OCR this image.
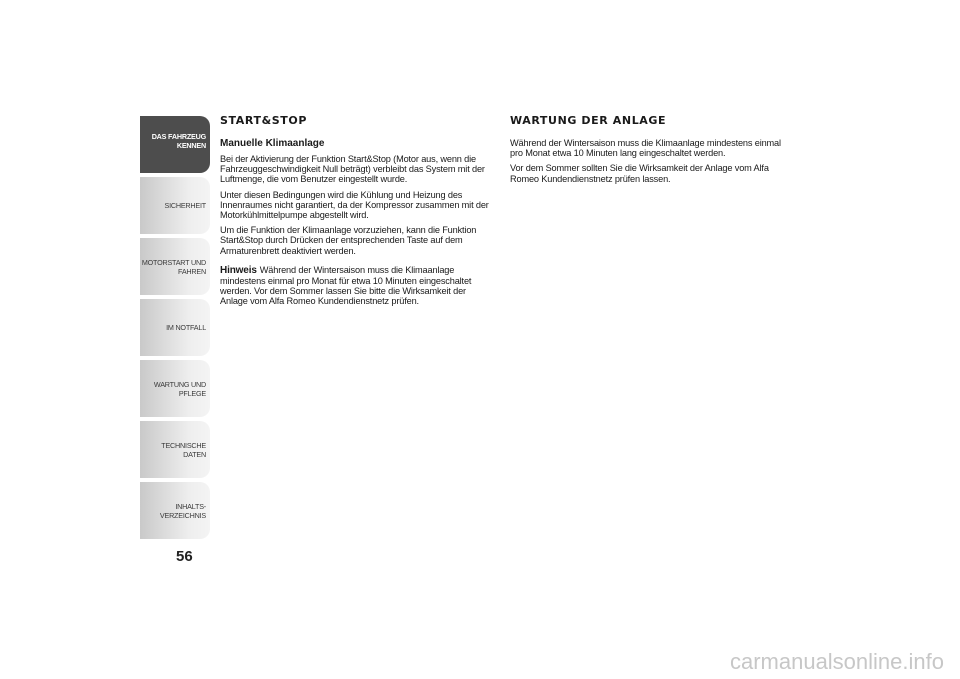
DAS FAHRZEUG
KENNEN
SICHERHEIT
MOTORSTART UND
FAHREN
IM NOTFALL
WARTUNG UND
PFLEGE
TECHNISCHE DATEN
INHALTS-
VERZEICHNIS
56
START&STOP
Manuelle Klimaanlage

Bei der Aktivierung der Funktion Start&Stop (Motor aus, wenn die Fahrzeuggeschwindigkeit Null beträgt) verbleibt das System mit der Luftmenge, die vom Benutzer eingestellt wurde.

Unter diesen Bedingungen wird die Kühlung und Heizung des Innenraumes nicht garantiert, da der Kompressor zusammen mit der Motorkühlmittelpumpe abgestellt wird.

Um die Funktion der Klimaanlage vorzuziehen, kann die Funktion Start&Stop durch Drücken der entsprechenden Taste auf dem Armaturenbrett deaktiviert werden.

Hinweis Während der Wintersaison muss die Klimaanlage mindestens einmal pro Monat für etwa 10 Minuten eingeschaltet werden. Vor dem Sommer lassen Sie bitte die Wirksamkeit der Anlage vom Alfa Romeo Kundendienstnetz prüfen.

WARTUNG DER ANLAGE

Während der Wintersaison muss die Klimaanlage mindestens einmal pro Monat etwa 10 Minuten lang eingeschaltet werden.

Vor dem Sommer sollten Sie die Wirksamkeit der Anlage vom Alfa Romeo Kundendienstnetz prüfen lassen.

carmanualsonline.info
